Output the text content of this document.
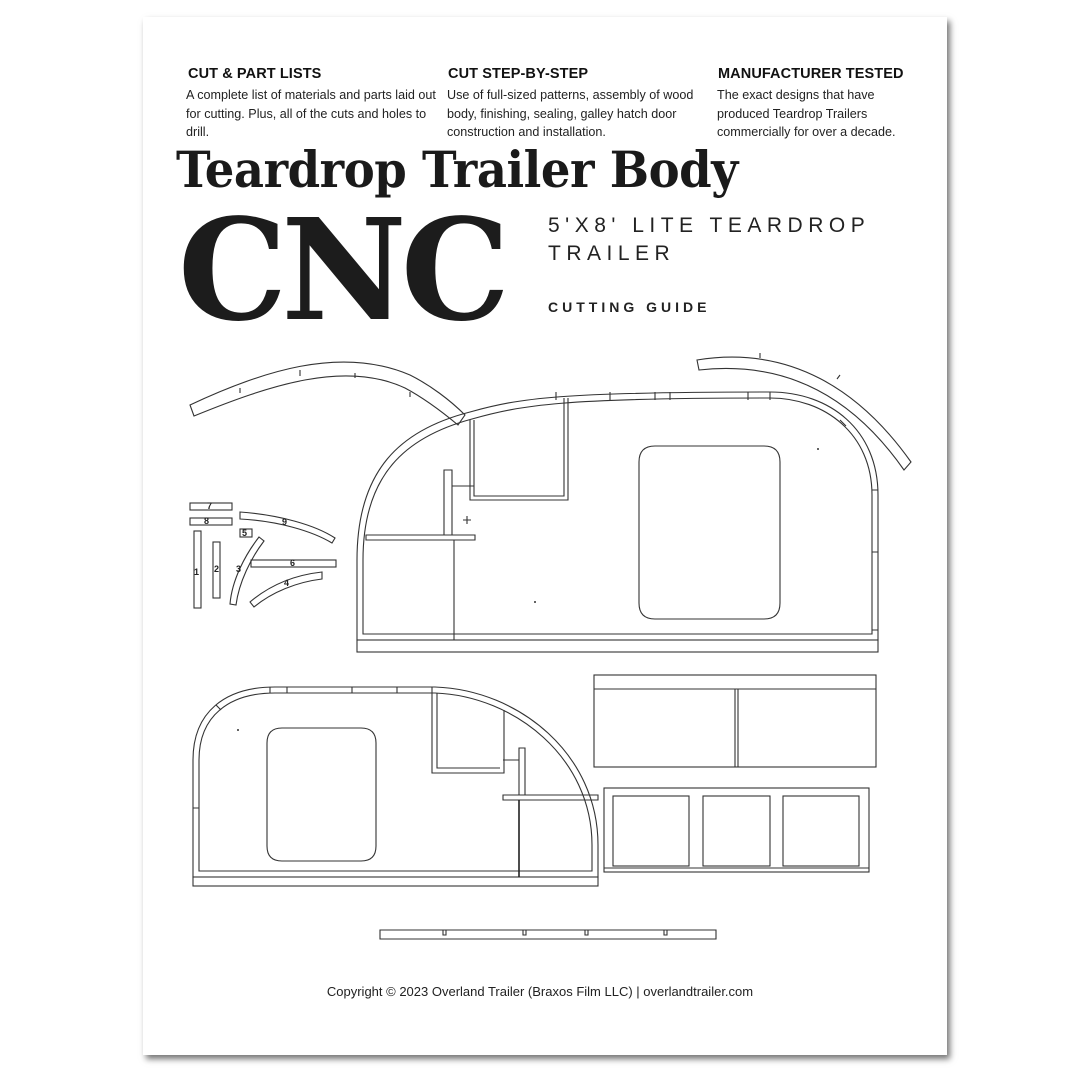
CUT & PART LISTS

A complete list of materials and parts laid out for cutting. Plus, all of the cuts and holes to drill.

CUT STEP-BY-STEP

Use of full-sized patterns, assembly of wood body, finishing, sealing, galley hatch door construction and installation.

MANUFACTURER TESTED

The exact designs that have produced Teardrop Trailers commercially for over a decade.

Teardrop Trailer Body
CNC 5'X8' LITE TEARDROP TRAILER
CUTTING GUIDE
7
8
1 2 3
4
5
6
9
Copyright © 2023 Overland Trailer (Braxos Film LLC) | overlandtrailer.com
